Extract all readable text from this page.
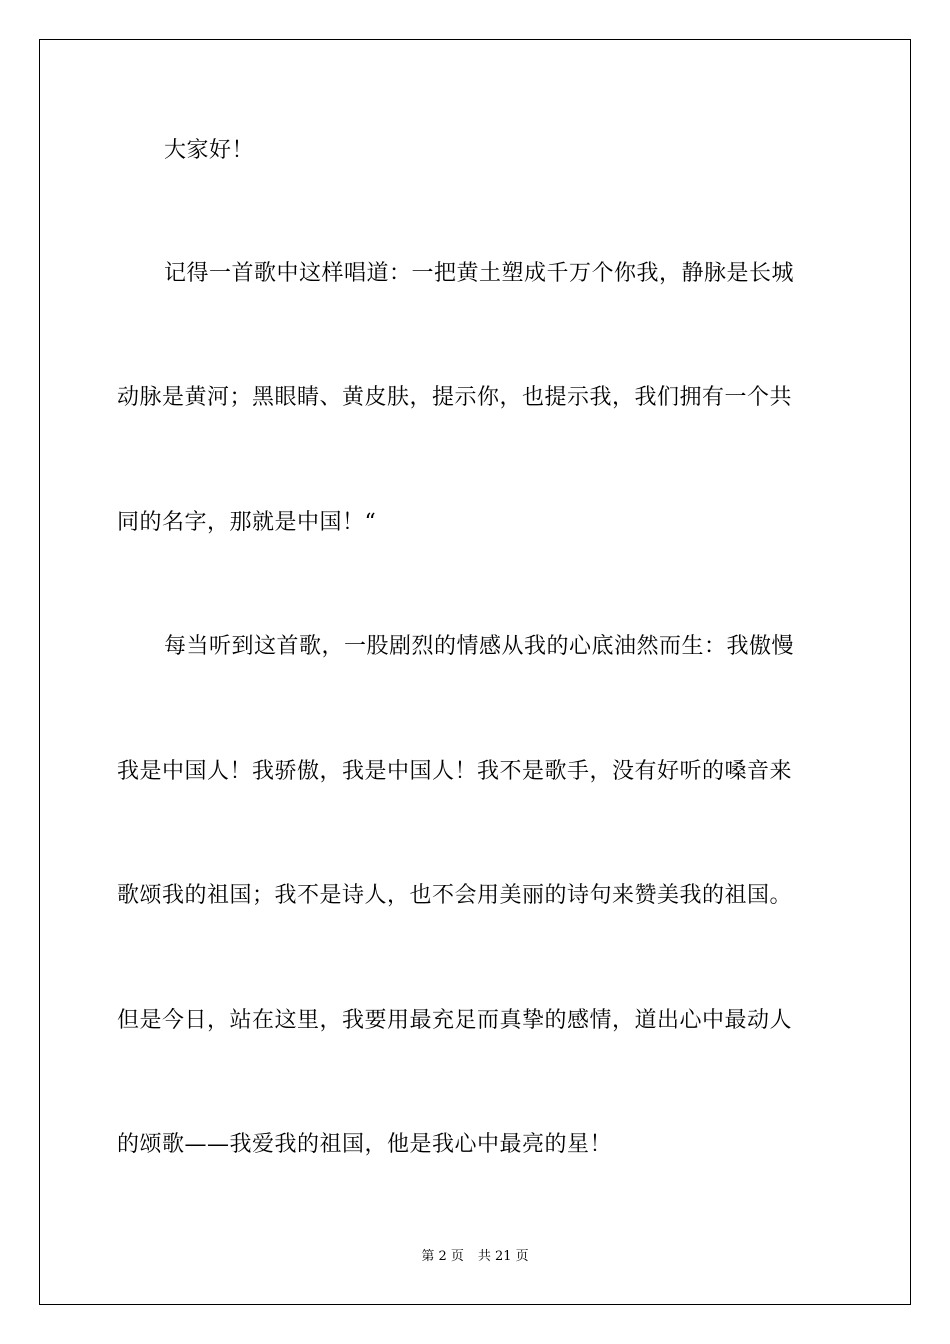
大家好！
记得一首歌中这样唱道：一把黄土塑成千万个你我，静脉是长城
动脉是黄河；黑眼睛、黄皮肤，提示你，也提示我，我们拥有一个共
同的名字，那就是中国！“
每当听到这首歌，一股剧烈的情感从我的心底油然而生：我傲慢
我是中国人！我骄傲，我是中国人！我不是歌手，没有好听的嗓音来
歌颂我的祖国；我不是诗人，也不会用美丽的诗句来赞美我的祖国。
但是今日，站在这里，我要用最充足而真挚的感情，道出心中最动人
的颂歌——我爱我的祖国，他是我心中最亮的星！
第 2 页 共 21 页
